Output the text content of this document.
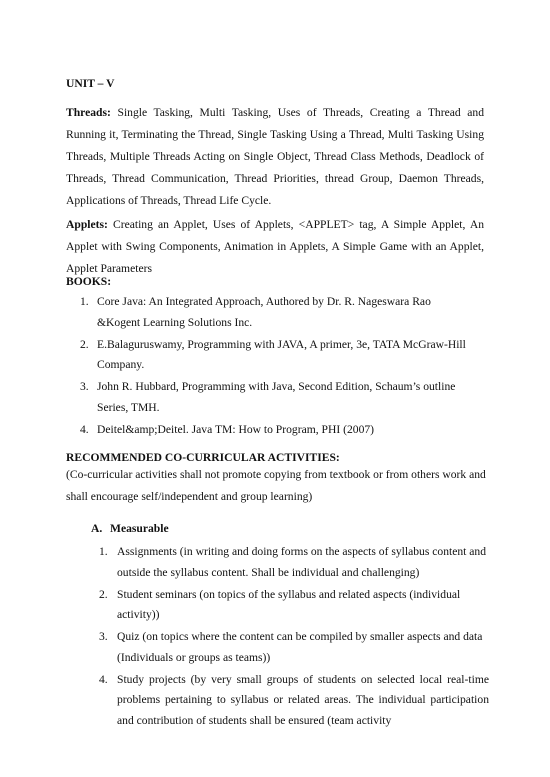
UNIT – V
Threads: Single Tasking, Multi Tasking, Uses of Threads, Creating a Thread and Running it, Terminating the Thread, Single Tasking Using a Thread, Multi Tasking Using Threads, Multiple Threads Acting on Single Object, Thread Class Methods, Deadlock of Threads, Thread Communication, Thread Priorities, thread Group, Daemon Threads, Applications of Threads, Thread Life Cycle.
Applets: Creating an Applet, Uses of Applets, <APPLET> tag, A Simple Applet, An Applet with Swing Components, Animation in Applets, A Simple Game with an Applet, Applet Parameters
BOOKS:
1. Core Java: An Integrated Approach, Authored by Dr. R. Nageswara Rao &Kogent Learning Solutions Inc.
2. E.Balaguruswamy, Programming with JAVA, A primer, 3e, TATA McGraw-Hill Company.
3. John R. Hubbard, Programming with Java, Second Edition, Schaum’s outline Series, TMH.
4. Deitel&amp;Deitel. Java TM: How to Program, PHI (2007)
RECOMMENDED CO-CURRICULAR ACTIVITIES:
(Co-curricular activities shall not promote copying from textbook or from others work and shall encourage self/independent and group learning)
A. Measurable
1. Assignments (in writing and doing forms on the aspects of syllabus content and outside the syllabus content. Shall be individual and challenging)
2. Student seminars (on topics of the syllabus and related aspects (individual activity))
3. Quiz (on topics where the content can be compiled by smaller aspects and data (Individuals or groups as teams))
4. Study projects (by very small groups of students on selected local real-time problems pertaining to syllabus or related areas. The individual participation and contribution of students shall be ensured (team activity
